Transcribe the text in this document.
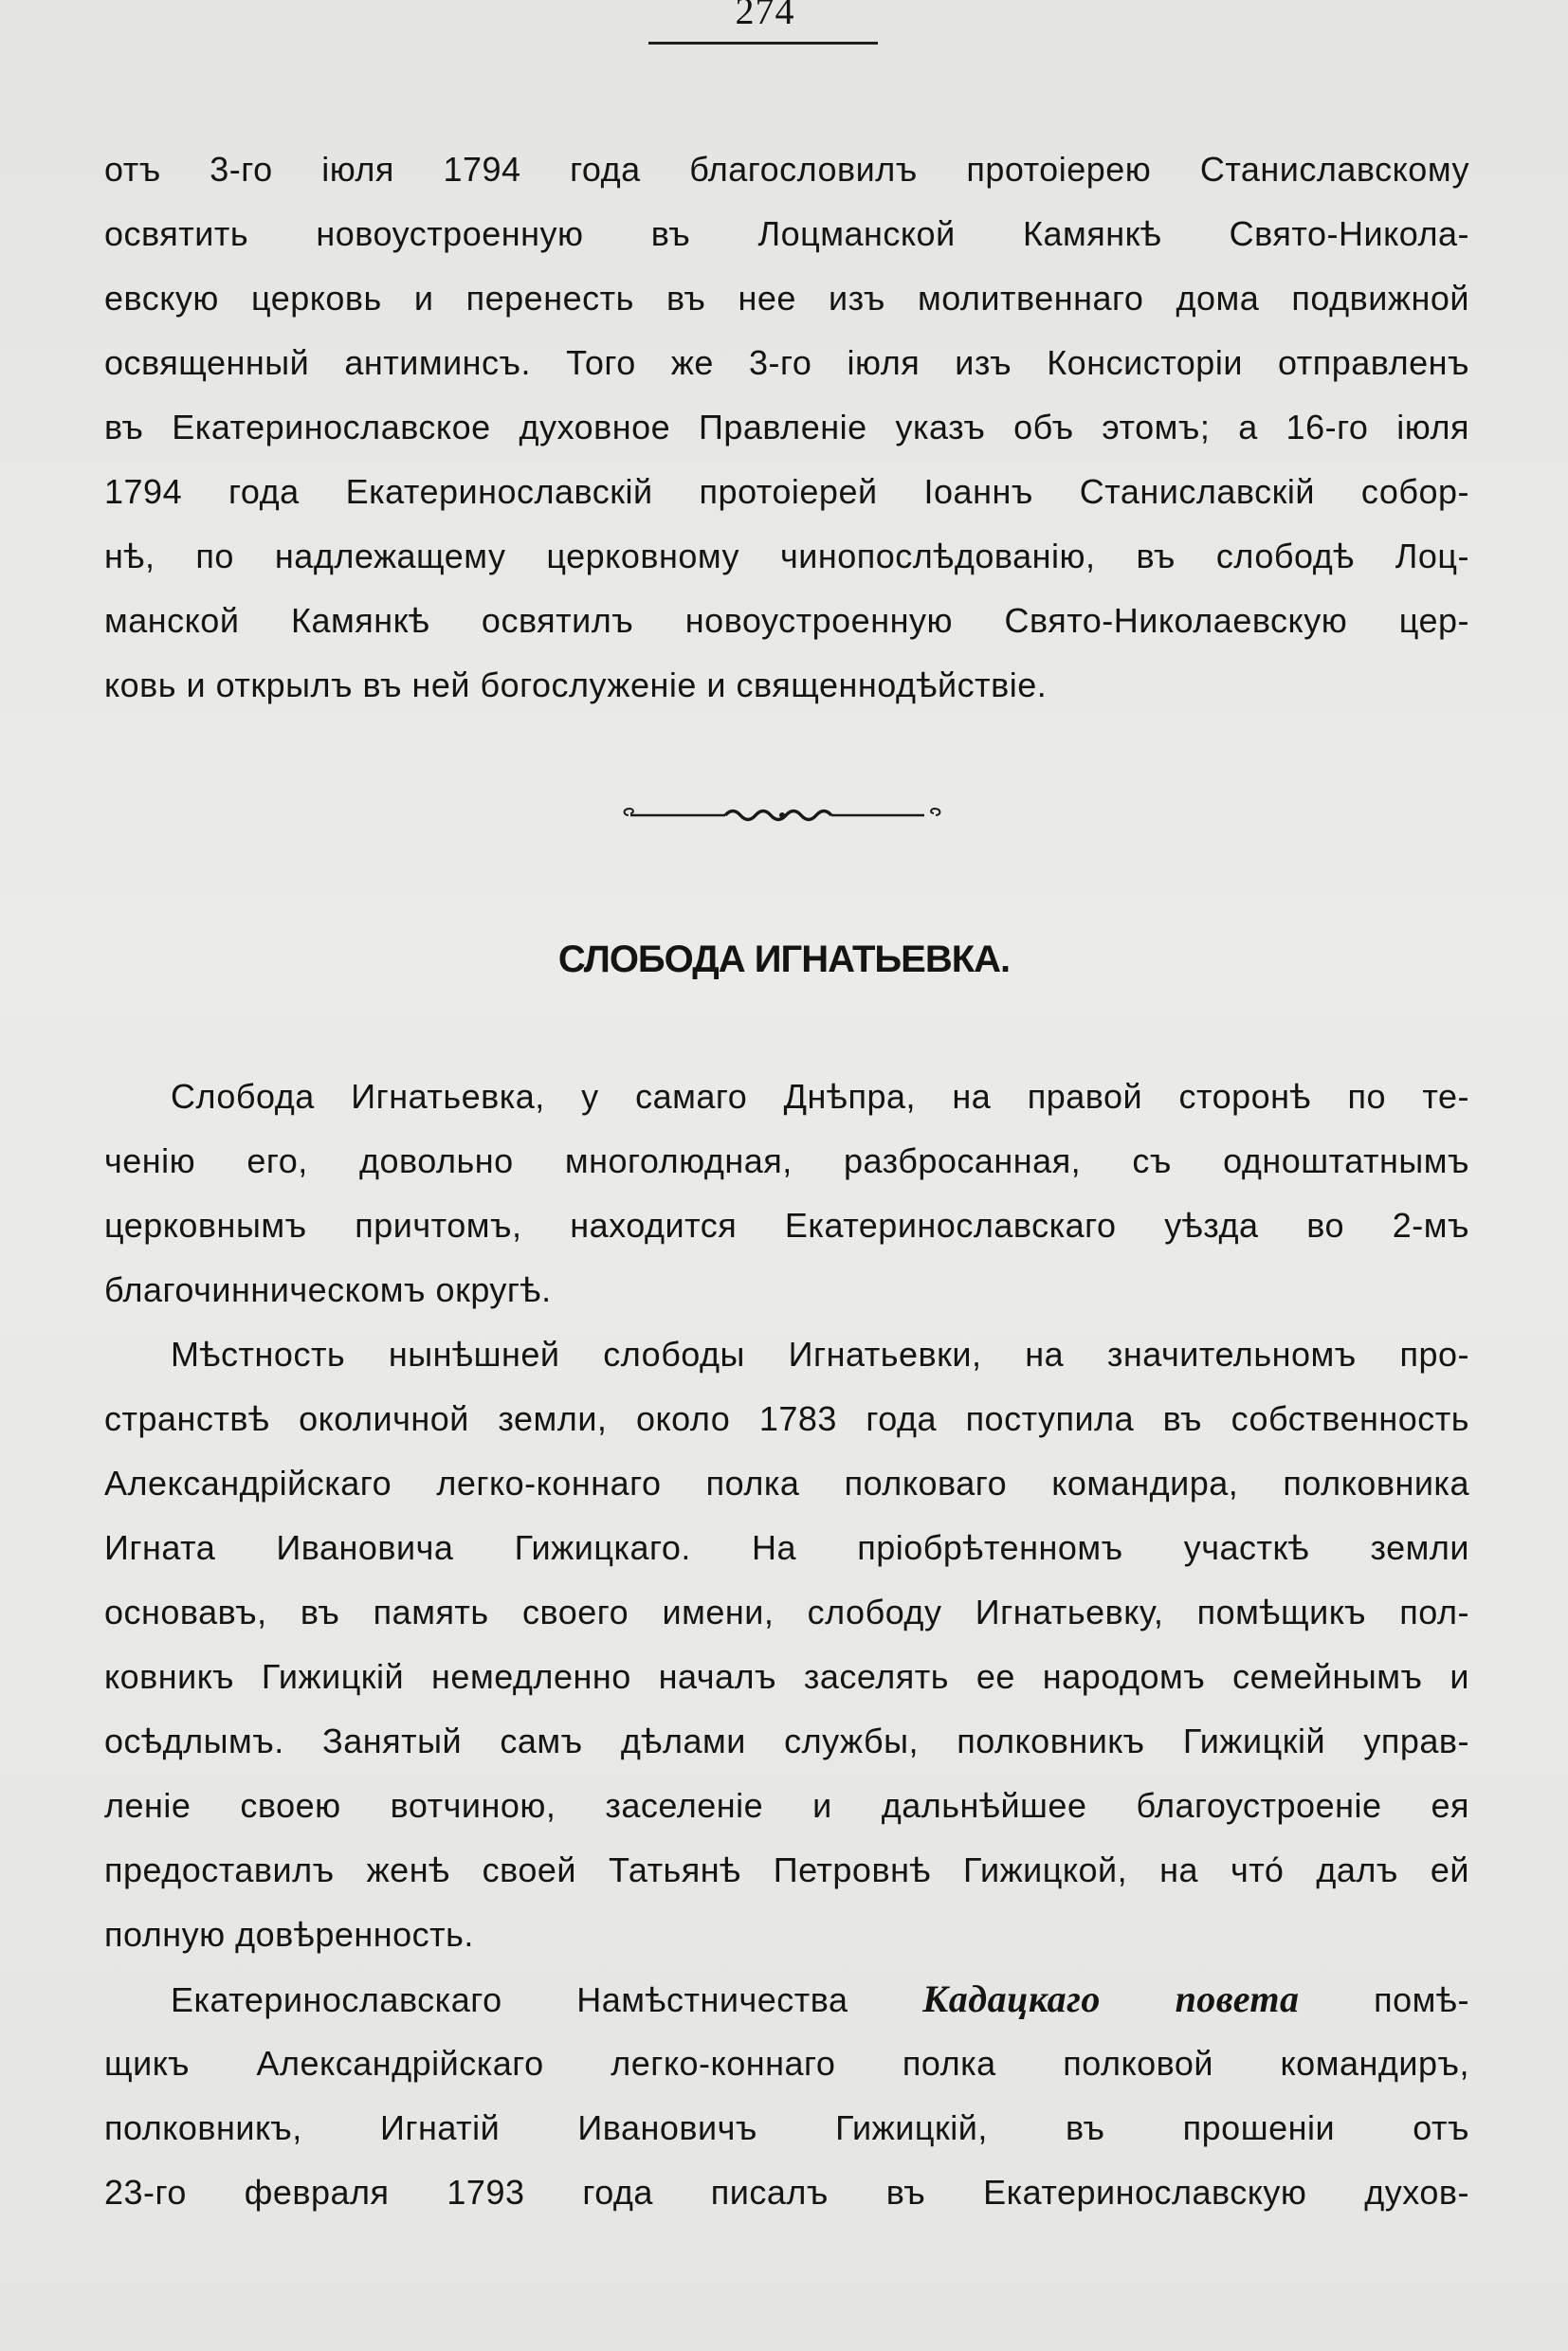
274
отъ 3-го іюля 1794 года благословилъ протоіерею Станиславскому
освятить новоустроенную въ Лоцманской Камянкѣ Свято-Никола-
евскую церковь и перенесть въ нее изъ молитвеннаго дома подвижной
освященный антиминсъ. Того же 3-го іюля изъ Консисторіи отправленъ
въ Екатеринославское духовное Правленіе указъ объ этомъ; а 16-го іюля
1794 года Екатеринославскій протоіерей Іоаннъ Станиславскій собор-
нѣ, по надлежащему церковному чинопослѣдованію, въ слободѣ Лоц-
манской Камянкѣ освятилъ новоустроенную Свято-Николаевскую цер-
ковь и открылъ въ ней богослуженіе и священнодѣйствіе.
СЛОБОДА ИГНАТЬЕВКА.
Слобода Игнатьевка, у самаго Днѣпра, на правой сторонѣ по те-
ченію его, довольно многолюдная, разбросанная, съ одноштатнымъ
церковнымъ причтомъ, находится Екатеринославскаго уѣзда во 2-мъ
благочинническомъ округѣ.
Мѣстность нынѣшней слободы Игнатьевки, на значительномъ про-
странствѣ околичной земли, около 1783 года поступила въ собственность
Александрійскаго легко-коннаго полка полковаго командира, полковника
Игната Ивановича Гижицкаго. На пріобрѣтенномъ участкѣ земли
основавъ, въ память своего имени, слободу Игнатьевку, помѣщикъ пол-
ковникъ Гижицкій немедленно началъ заселять ее народомъ семейнымъ и
осѣдлымъ. Занятый самъ дѣлами службы, полковникъ Гижицкій управ-
леніе своею вотчиною, заселеніе и дальнѣйшее благоустроеніе ея
предоставилъ женѣ своей Татьянѣ Петровнѣ Гижицкой, на что́ далъ ей
полную довѣренность.
Екатеринославскаго Намѣстничества Кадацкаго повета помѣ-
щикъ Александрійскаго легко-коннаго полка полковой командиръ,
полковникъ, Игнатій Ивановичъ Гижицкій, въ прошеніи отъ
23-го февраля 1793 года писалъ въ Екатеринославскую духов-
